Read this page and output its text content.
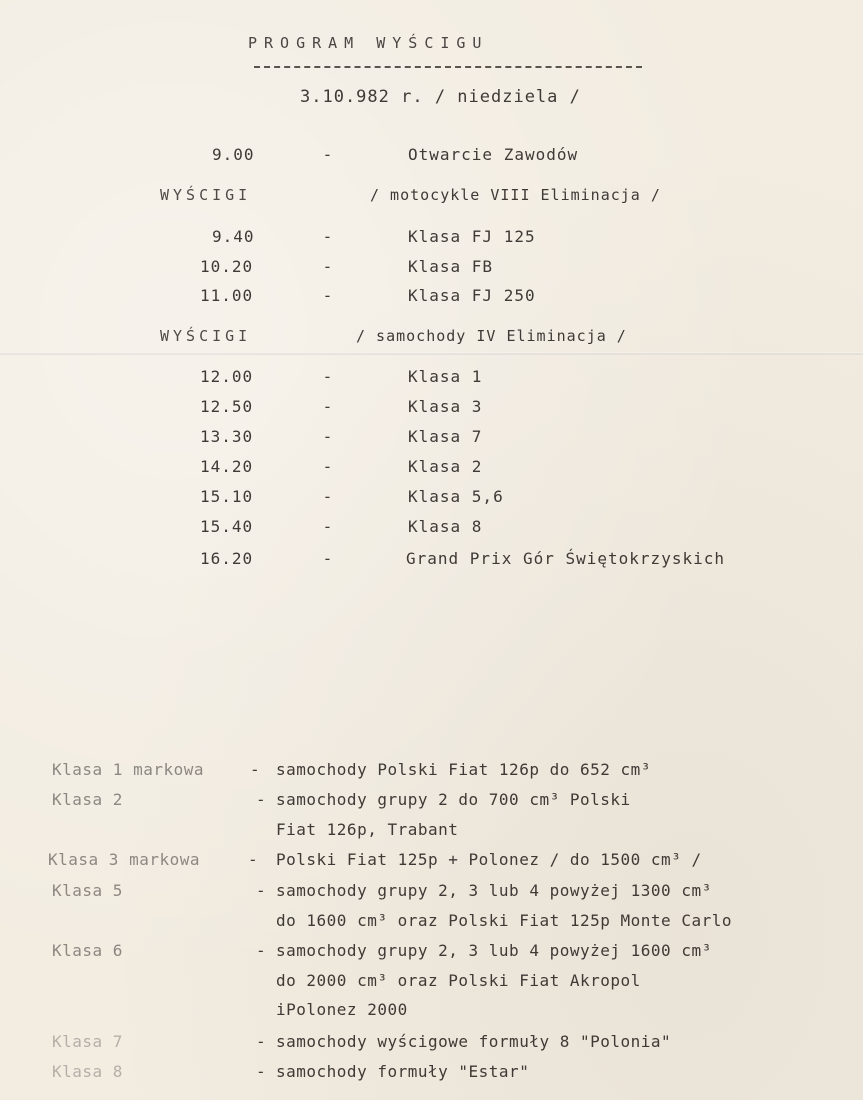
PROGRAM WYŚCIGU
3.10.982 r. / niedziela /
9.00	-	Otwarcie Zawodów
WYŚCIGI	/ motocykle VIII Eliminacja /
9.40	-	Klasa FJ 125
10.20	-	Klasa FB
11.00	-	Klasa FJ 250
WYŚCIGI	/ samochody IV Eliminacja /
12.00	-	Klasa 1
12.50	-	Klasa 3
13.30	-	Klasa 7
14.20	-	Klasa 2
15.10	-	Klasa 5,6
15.40	-	Klasa 8
16.20	-	Grand Prix Gór Świętokrzyskich
Klasa 1 markowa	- samochody Polski Fiat 126p do 652 cm³
Klasa 2	- samochody grupy 2 do 700 cm³ Polski
Fiat 126p, Trabant
Klasa 3 markowa	- Polski Fiat 125p + Polonez / do 1500 cm³ /
Klasa 5	- samochody grupy 2, 3 lub 4 powyżej 1300 cm³
do 1600 cm³ oraz Polski Fiat 125p Monte Carlo
Klasa 6	- samochody grupy 2, 3 lub 4 powyżej 1600 cm³
do 2000 cm³ oraz Polski Fiat Akropol
iPolonez 2000
Klasa 7	- samochody wyścigowe formuły 8 "Polonia"
Klasa 8	- samochody formuły "Estar"
